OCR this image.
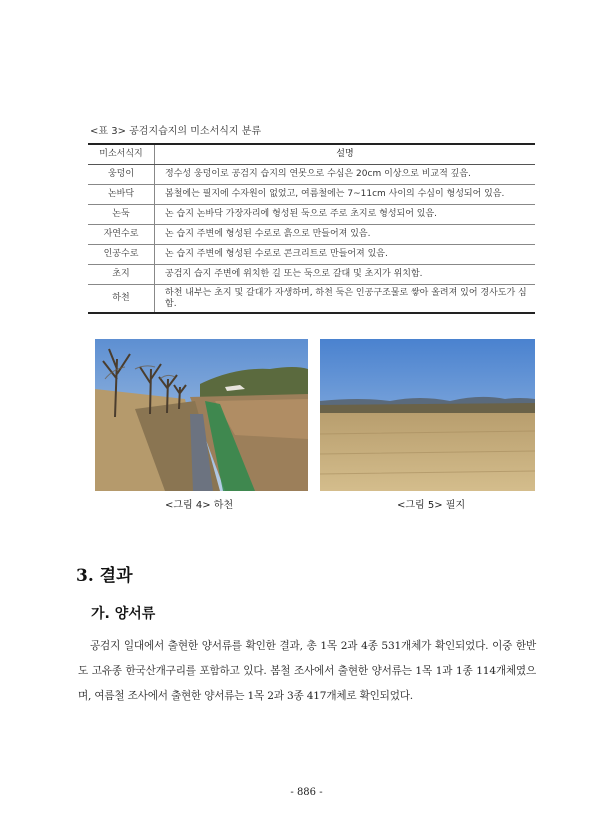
<표 3> 공검지습지의 미소서식지 분류
미소서식지	설명
웅덩이	정수성 웅덩이로 공검지 습지의 연못으로 수심은 20cm 이상으로 비교적 깊음.
논바닥	봄철에는 필지에 수자원이 없었고, 여름철에는 7~11cm 사이의 수심이 형성되어 있음.
논둑	논 습지 논바닥 가장자리에 형성된 둑으로 주로 초지로 형성되어 있음.
자연수로	논 습지 주변에 형성된 수로로 흙으로 만들어져 있음.
인공수로	논 습지 주변에 형성된 수로로 콘크리트로 만들어져 있음.
초지	공검지 습지 주변에 위치한 길 또는 둑으로 갈대 및 초지가 위치함.
하천	하천 내부는 초지 및 갈대가 자생하며, 하천 둑은 인공구조물로 쌓아 올려져 있어 경사도가 심함.
<그림 4> 하천	<그림 5> 필지
3. 결과
가. 양서류
공검지 일대에서 출현한 양서류를 확인한 결과, 총 1목 2과 4종 531개체가 확인되었다. 이중 한반도 고유종 한국산개구리를 포함하고 있다. 봄철 조사에서 출현한 양서류는 1목 1과 1종 114개체였으며, 여름철 조사에서 출현한 양서류는 1목 2과 3종 417개체로 확인되었다.
- 886 -
